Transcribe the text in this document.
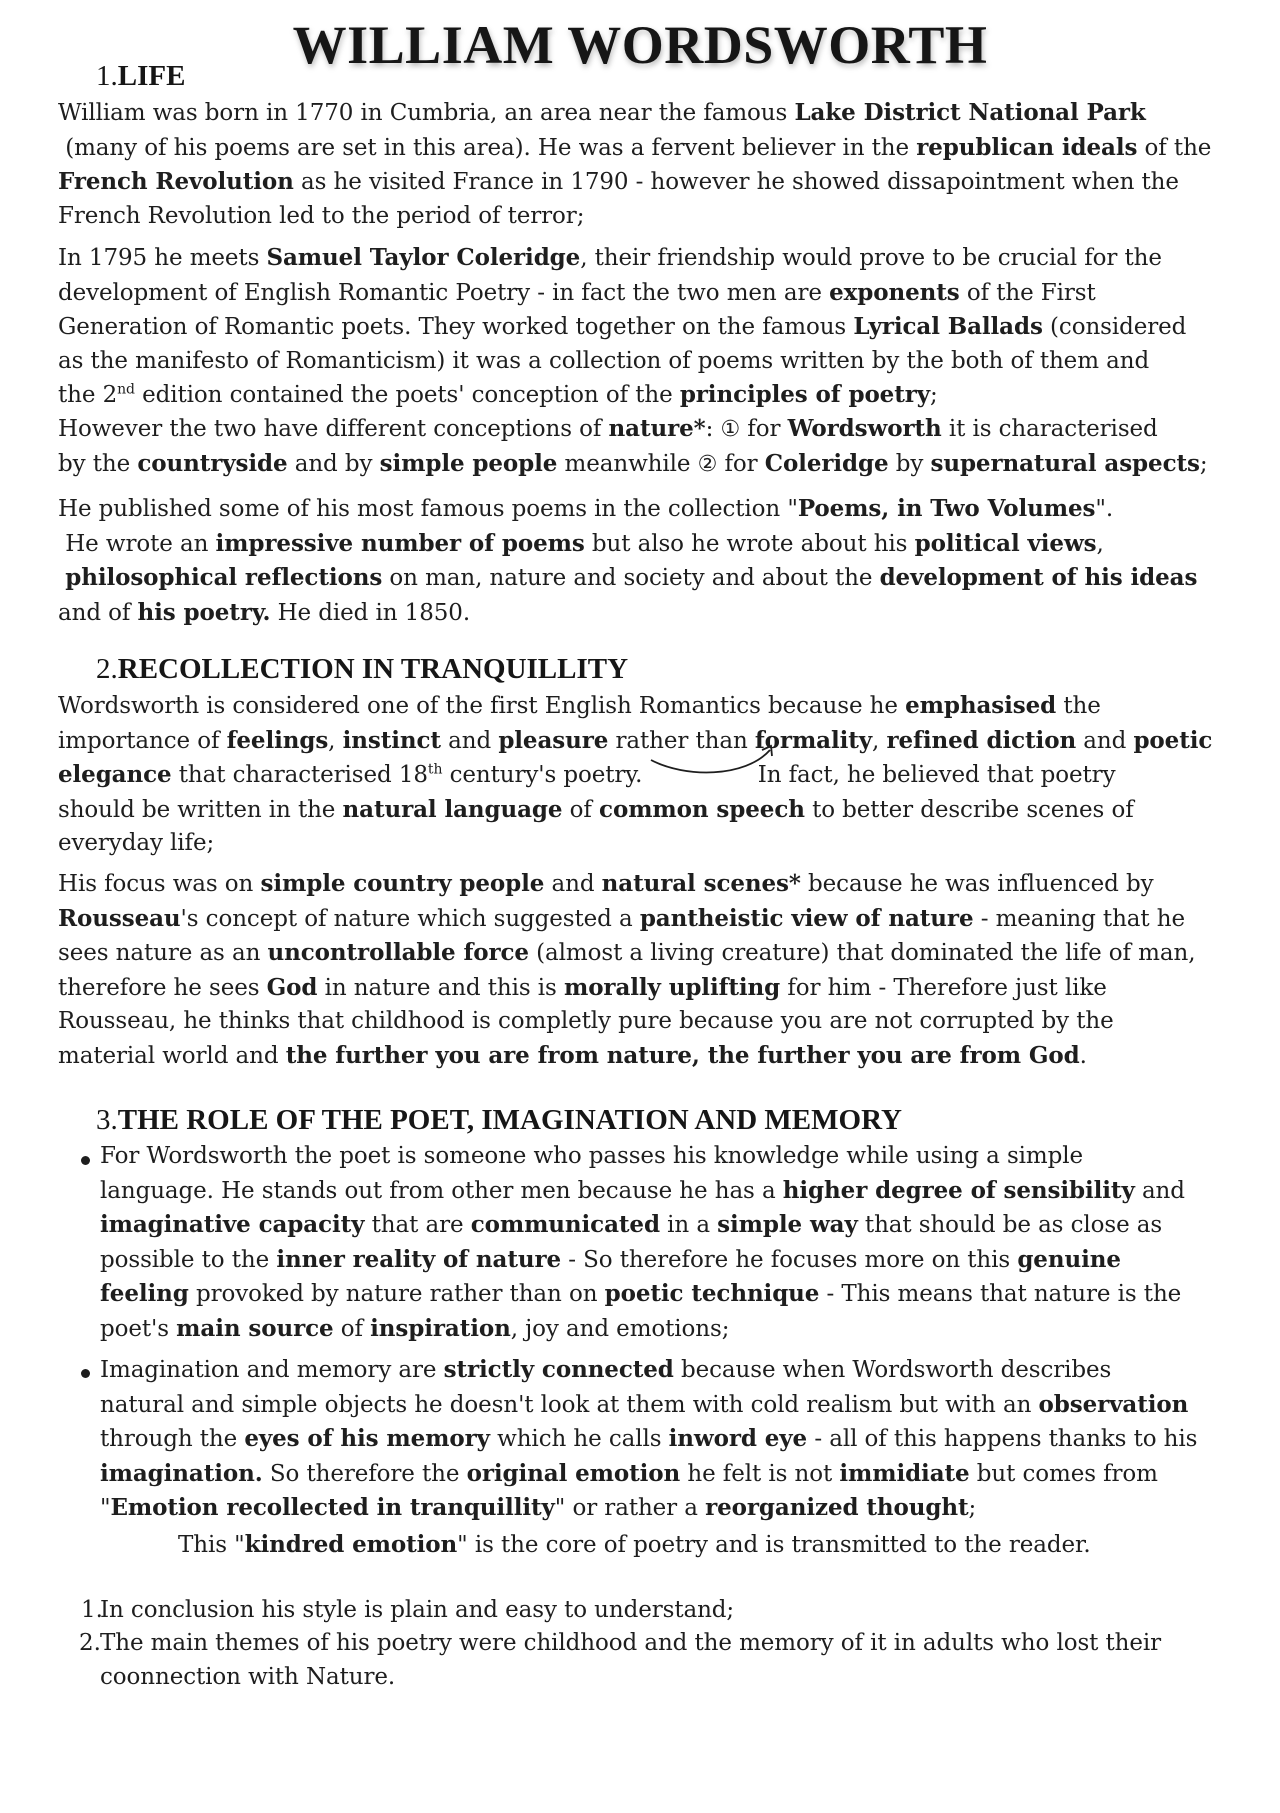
WILLIAM WORDSWORTH
1.LIFE

William was born in 1770 in Cumbria, an area near the famous Lake District National Park
(many of his poems are set in this area). He was a fervent believer in the republican ideals of the
French Revolution as he visited France in 1790 - however he showed dissapointment when the
French Revolution led to the period of terror;

In 1795 he meets Samuel Taylor Coleridge, their friendship would prove to be crucial for the
development of English Romantic Poetry - in fact the two men are exponents of the First
Generation of Romantic poets. They worked together on the famous Lyrical Ballads (considered
as the manifesto of Romanticism) it was a collection of poems written by the both of them and
the 2nd edition contained the poets' conception of the principles of poetry;

However the two have different conceptions of nature*: ① for Wordsworth it is characterised
by the countryside and by simple people meanwhile ② for Coleridge by supernatural aspects;

He published some of his most famous poems in the collection "Poems, in Two Volumes".
He wrote an impressive number of poems but also he wrote about his political views,
philosophical reflections on man, nature and society and about the development of his ideas
and of his poetry. He died in 1850.

2.RECOLLECTION IN TRANQUILLITY

Wordsworth is considered one of the first English Romantics because he emphasised the
importance of feelings, instinct and pleasure rather than formality, refined diction and poetic
elegance that characterised 18th century's poetry.                In fact, he believed that poetry
should be written in the natural language of common speech to better describe scenes of
everyday life;

His focus was on simple country people and natural scenes* because he was influenced by
Rousseau's concept of nature which suggested a pantheistic view of nature - meaning that he
sees nature as an uncontrollable force (almost a living creature) that dominated the life of man,
therefore he sees God in nature and this is morally uplifting for him - Therefore just like
Rousseau, he thinks that childhood is completly pure because you are not corrupted by the
material world and the further you are from nature, the further you are from God.

3.THE ROLE OF THE POET, IMAGINATION AND MEMORY

For Wordsworth the poet is someone who passes his knowledge while using a simple
language. He stands out from other men because he has a higher degree of sensibility and
imaginative capacity that are communicated in a simple way that should be as close as
possible to the inner reality of nature - So therefore he focuses more on this genuine
feeling provoked by nature rather than on poetic technique - This means that nature is the
poet's main source of inspiration, joy and emotions;

Imagination and memory are strictly connected because when Wordsworth describes
natural and simple objects he doesn't look at them with cold realism but with an observation
through the eyes of his memory which he calls inword eye - all of this happens thanks to his
imagination. So therefore the original emotion he felt is not immidiate but comes from
"Emotion recollected in tranquillity" or rather a reorganized thought;

This "kindred emotion" is the core of poetry and is transmitted to the reader.

1.

In conclusion his style is plain and easy to understand;

2. The main themes of his poetry were childhood and the memory of it in adults who lost their
coonnection with Nature.
